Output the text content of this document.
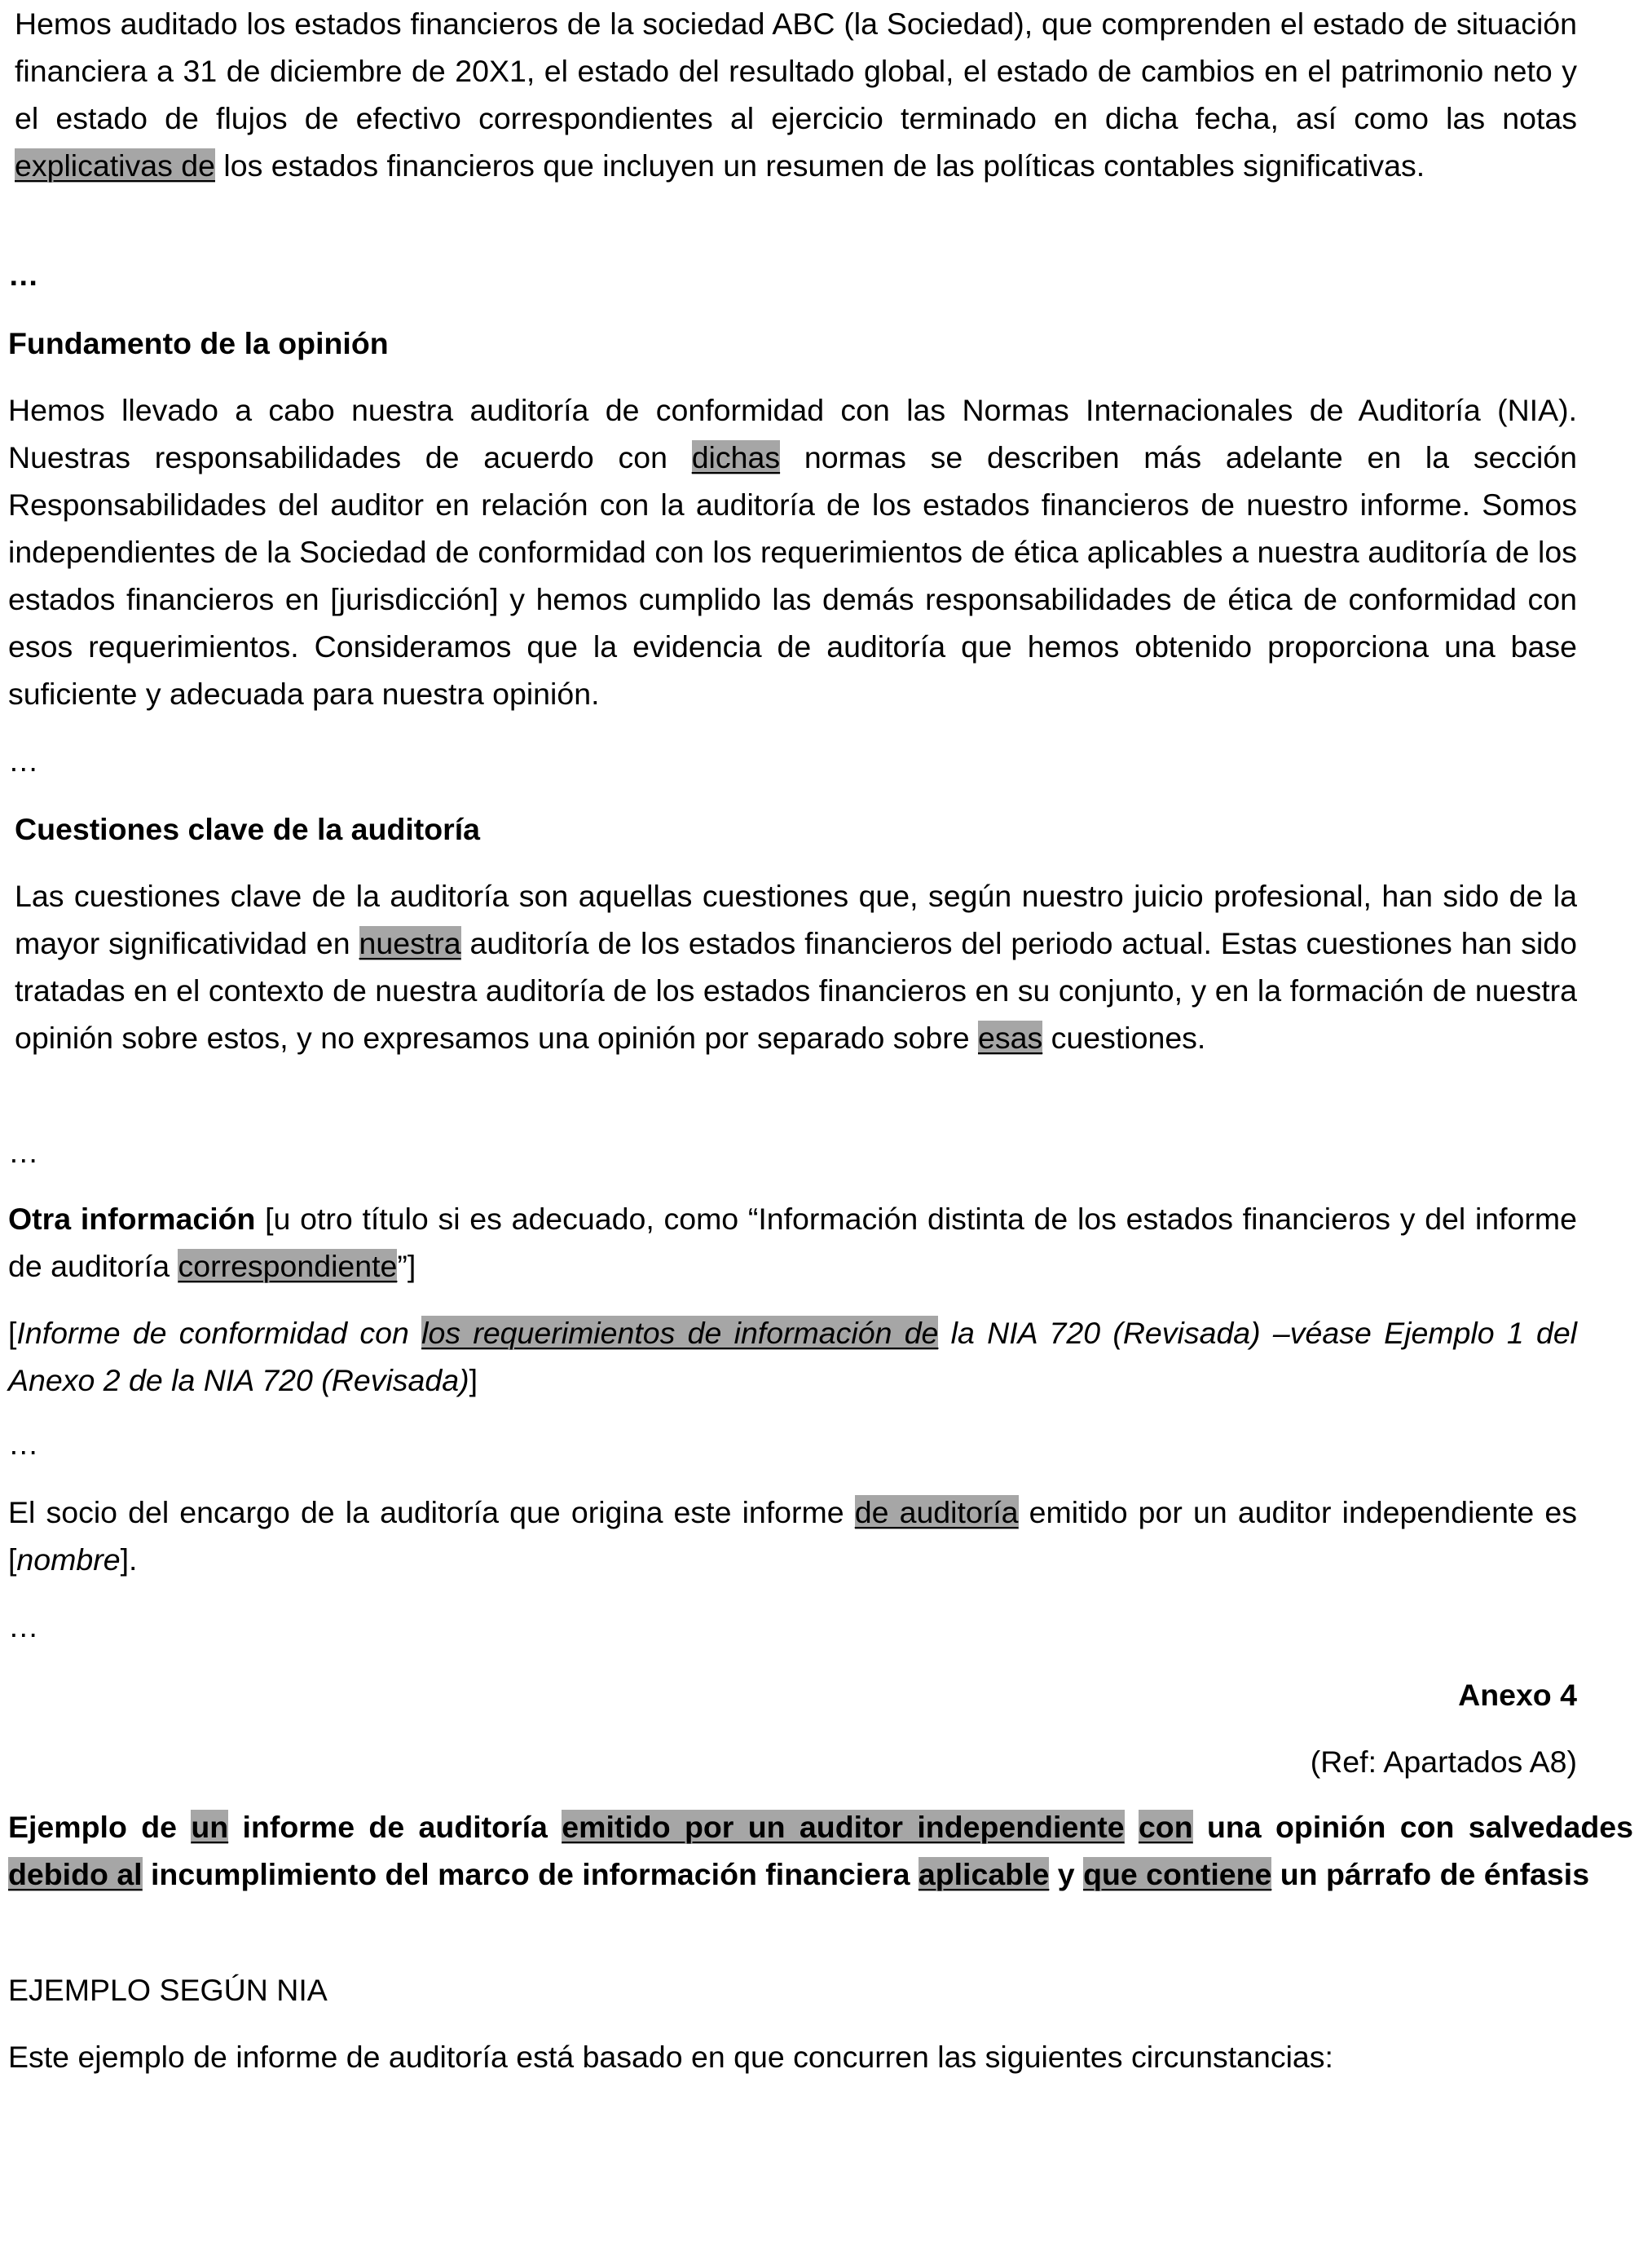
Hemos auditado los estados financieros de la sociedad ABC (la Sociedad), que comprenden el estado de situación financiera a 31 de diciembre de 20X1, el estado del resultado global, el estado de cambios en el patrimonio neto y el estado de flujos de efectivo correspondientes al ejercicio terminado en dicha fecha, así como las notas explicativas de los estados financieros que incluyen un resumen de las políticas contables significativas.

…
Fundamento de la opinión

Hemos llevado a cabo nuestra auditoría de conformidad con las Normas Internacionales de Auditoría (NIA). Nuestras responsabilidades de acuerdo con dichas normas se describen más adelante en la sección Responsabilidades del auditor en relación con la auditoría de los estados financieros de nuestro informe. Somos independientes de la Sociedad de conformidad con los requerimientos de ética aplicables a nuestra auditoría de los estados financieros en [jurisdicción] y hemos cumplido las demás responsabilidades de ética de conformidad con esos requerimientos. Consideramos que la evidencia de auditoría que hemos obtenido proporciona una base suficiente y adecuada para nuestra opinión.

…
Cuestiones clave de la auditoría

Las cuestiones clave de la auditoría son aquellas cuestiones que, según nuestro juicio profesional, han sido de la mayor significatividad en nuestra auditoría de los estados financieros del periodo actual. Estas cuestiones han sido tratadas en el contexto de nuestra auditoría de los estados financieros en su conjunto, y en la formación de nuestra opinión sobre estos, y no expresamos una opinión por separado sobre esas cuestiones.

…

Otra información [u otro título si es adecuado, como “Información distinta de los estados financieros y del informe de auditoría correspondiente”]

[Informe de conformidad con los requerimientos de información de la NIA 720 (Revisada) –véase Ejemplo 1 del Anexo 2 de la NIA 720 (Revisada)]

…

El socio del encargo de la auditoría que origina este informe de auditoría emitido por un auditor independiente es [nombre].

…
Anexo 4
(Ref: Apartados A8)

Ejemplo de un informe de auditoría emitido por un auditor independiente con una opinión con salvedades debido al incumplimiento del marco de información financiera aplicable y que contiene un párrafo de énfasis

EJEMPLO SEGÚN NIA
Este ejemplo de informe de auditoría está basado en que concurren las siguientes circunstancias:
